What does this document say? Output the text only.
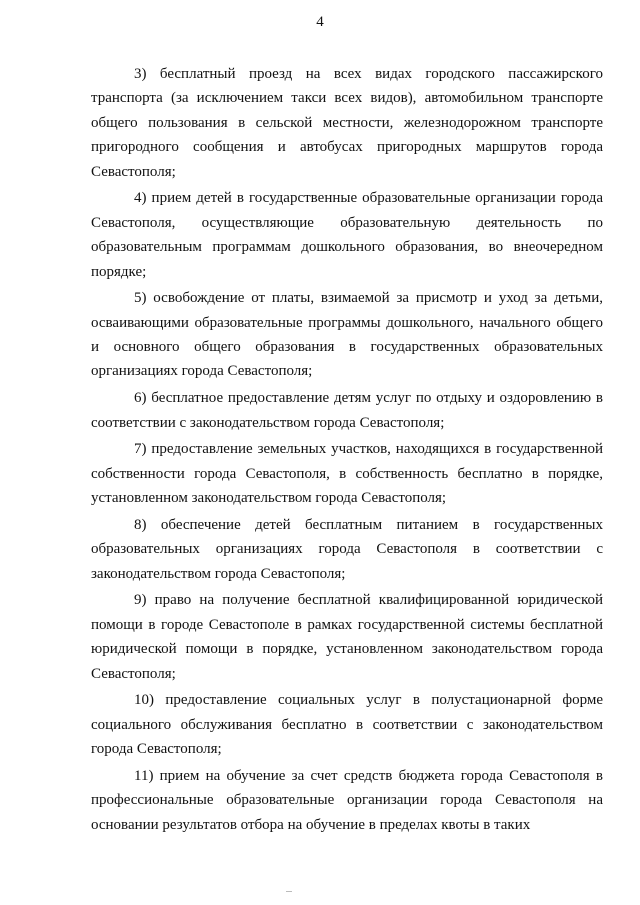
4

3) бесплатный проезд на всех видах городского пассажирского транспорта (за исключением такси всех видов), автомобильном транспорте общего пользования в сельской местности, железнодорожном транспорте пригородного сообщения и автобусах пригородных маршрутов города Севастополя;

4) прием детей в государственные образовательные организации города Севастополя, осуществляющие образовательную деятельность по образовательным программам дошкольного образования, во внеочередном порядке;

5) освобождение от платы, взимаемой за присмотр и уход за детьми, осваивающими образовательные программы дошкольного, начального общего и основного общего образования в государственных образовательных организациях города Севастополя;

6) бесплатное предоставление детям услуг по отдыху и оздоровлению в соответствии с законодательством города Севастополя;

7) предоставление земельных участков, находящихся в государственной собственности города Севастополя, в собственность бесплатно в порядке, установленном законодательством города Севастополя;

8) обеспечение детей бесплатным питанием в государственных образовательных организациях города Севастополя в соответствии с законодательством города Севастополя;

9) право на получение бесплатной квалифицированной юридической помощи в городе Севастополе в рамках государственной системы бесплатной юридической помощи в порядке, установленном законодательством города Севастополя;

10) предоставление социальных услуг в полустационарной форме социального обслуживания бесплатно в соответствии с законодательством города Севастополя;

11) прием на обучение за счет средств бюджета города Севастополя в профессиональные образовательные организации города Севастополя на основании результатов отбора на обучение в пределах квоты в таких
